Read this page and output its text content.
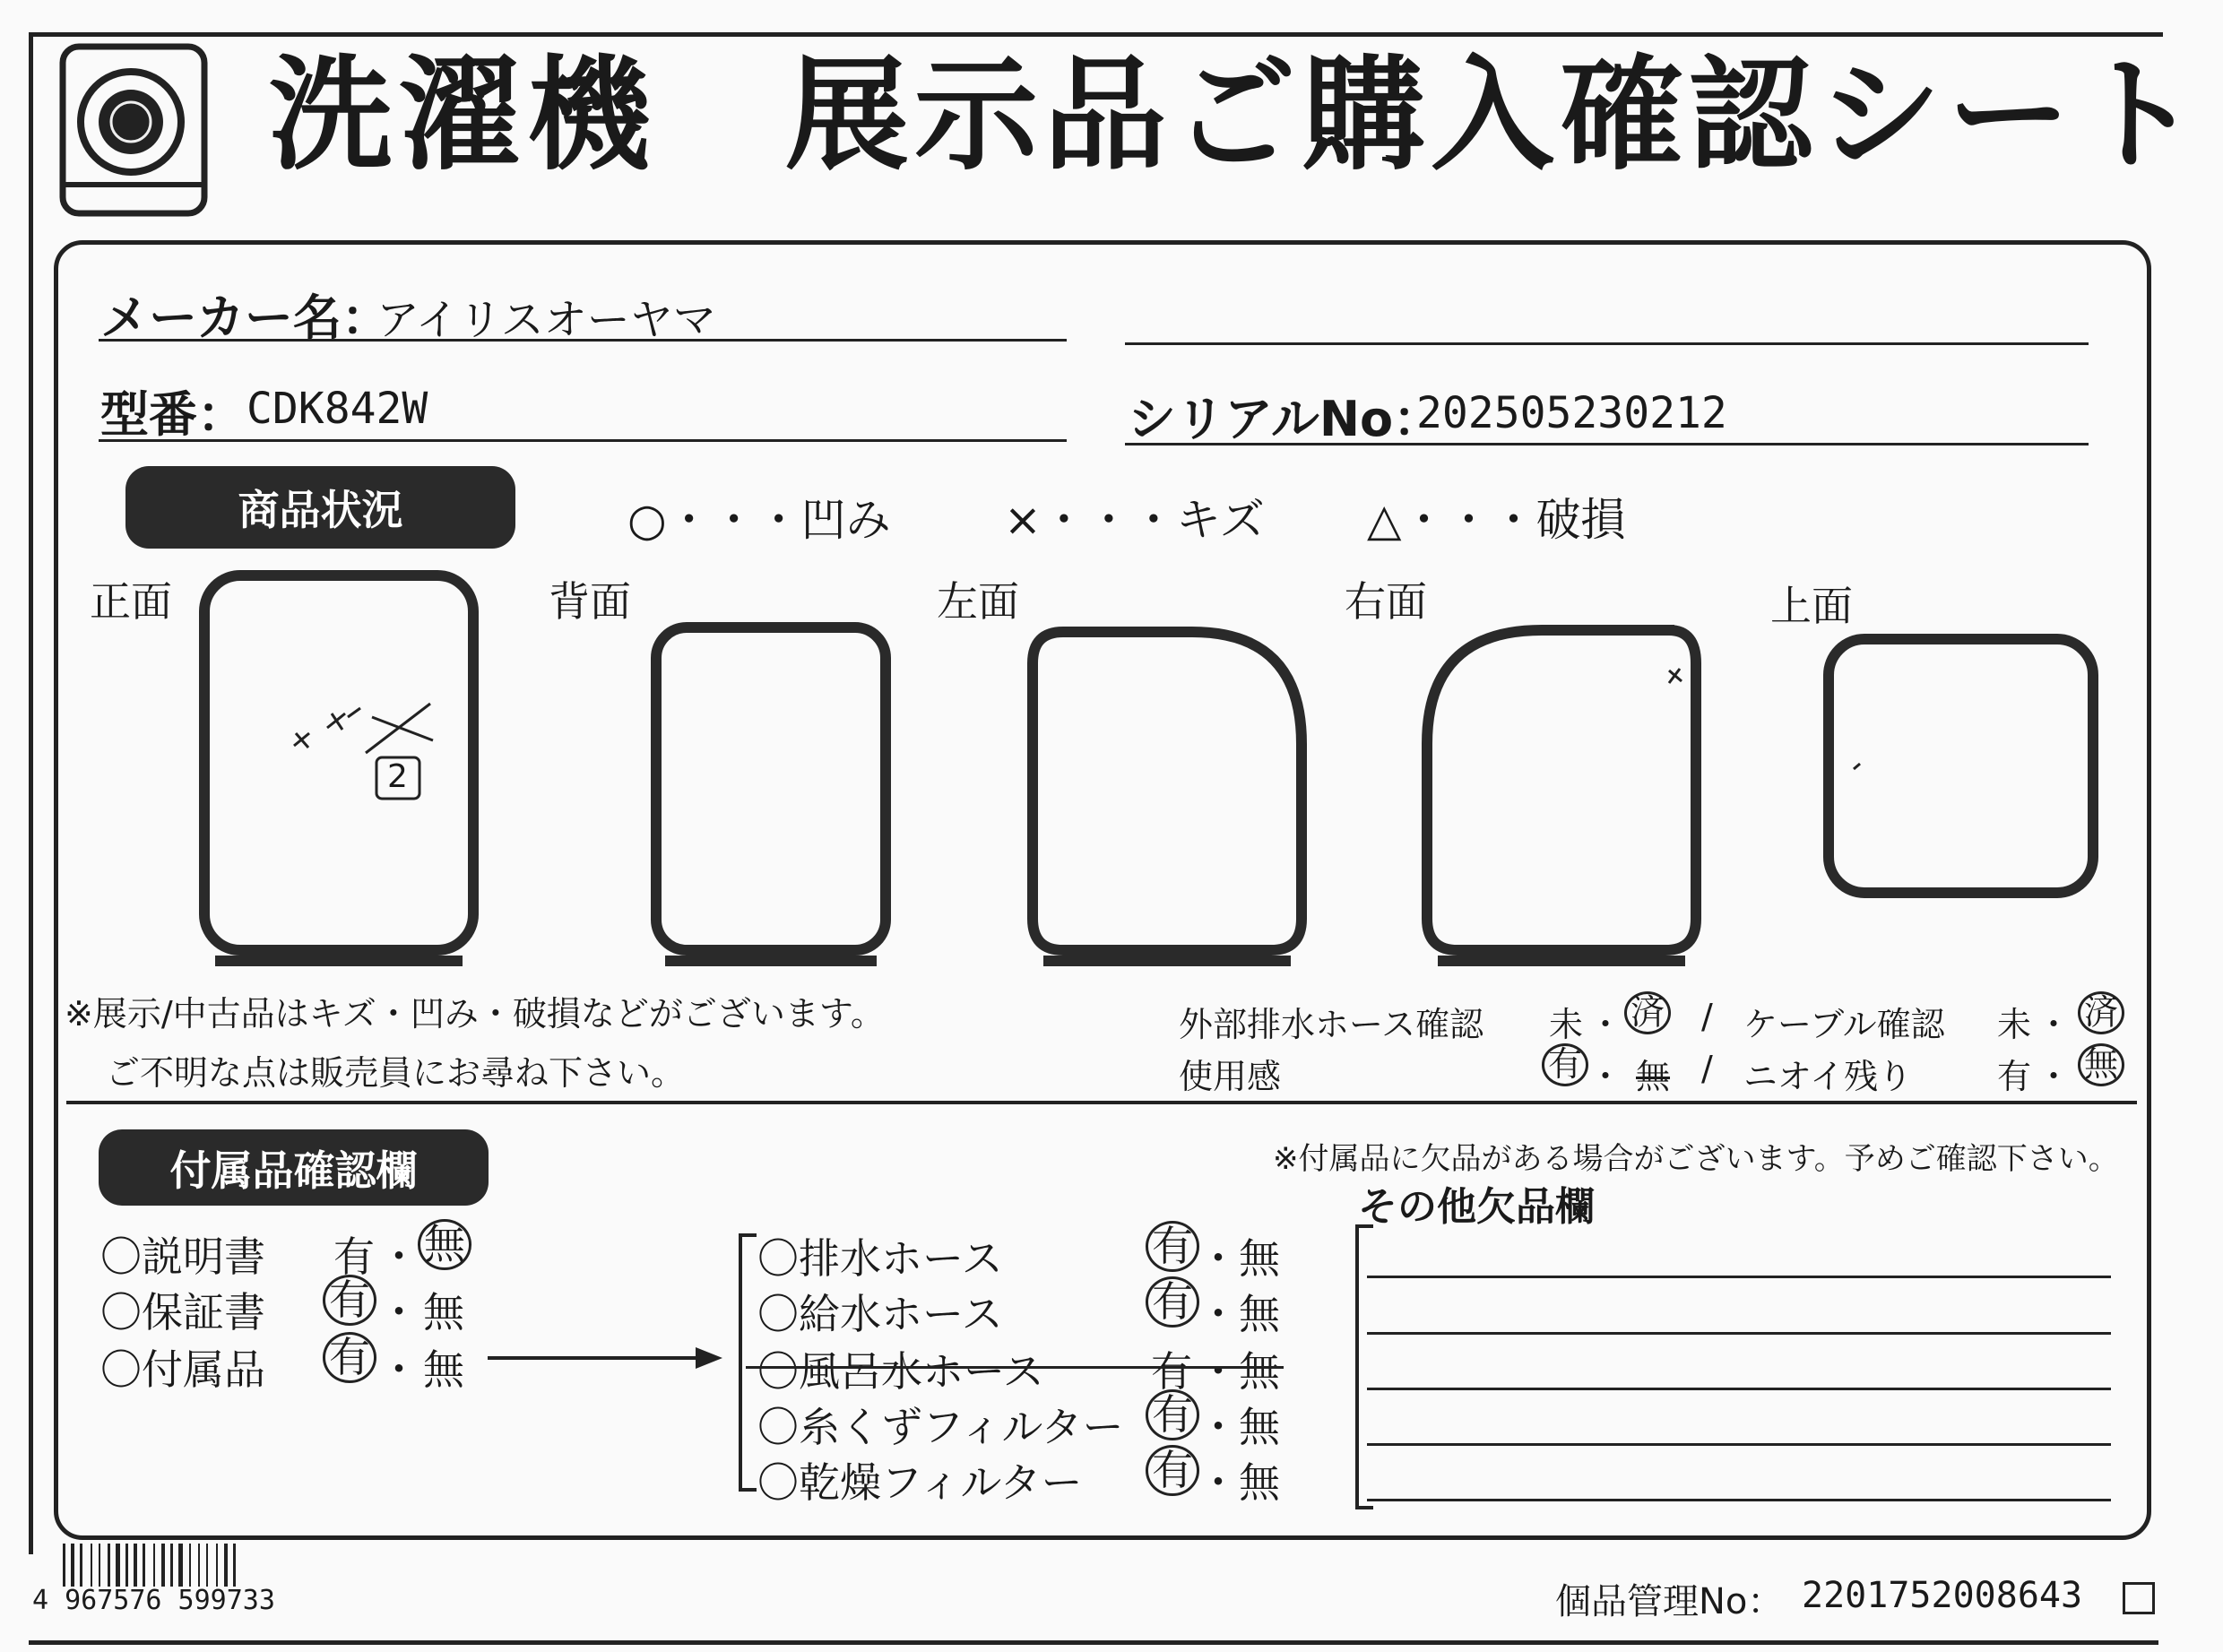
洗濯機　展示品ご購入確認シート
メーカー名：
アイリスオーヤマ
型番： CDK842W	シリアルNo：
202505230212
商品状況	○・・・凹み	×・・・キズ △・・・破損
正面	背面	左面	右面	上面
2
※展示/中古品はキズ・凹み・破損などがございます。
ご不明な点は販売員にお尋ね下さい。
外部排水ホース確認 未 ・ 済 / ケーブル確認 未 ・ 済
使用感	有 ・ 無 / ニオイ残り 有 ・ 無
付属品確認欄	※付属品に欠品がある場合がございます。予めご確認下さい。
その他欠品欄
〇説明書 有 ・ 無
〇保証書 有 ・ 無
〇付属品 有 ・ 無
〇排水ホース	有 ・ 無
〇給水ホース	有 ・ 無
〇風呂水ホース	有 ・ 無
〇糸くずフィルター 有 ・ 無
〇乾燥フィルター 有 ・ 無
4 967576 599733	個品管理No： 2201752008643
